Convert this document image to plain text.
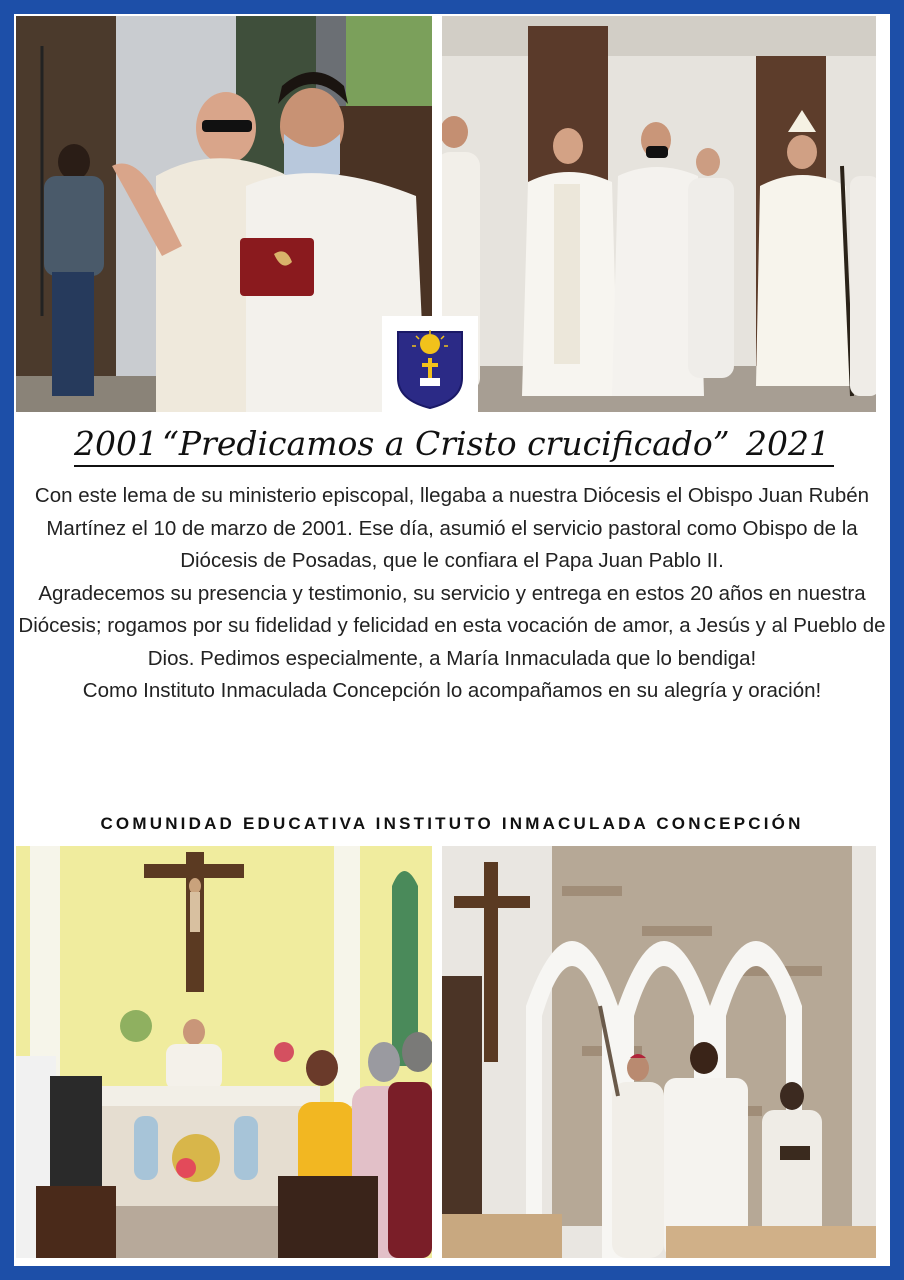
2001 “Predicamos a Cristo crucificado” 2021

Con este lema de su ministerio episcopal, llegaba a nuestra Diócesis el Obispo Juan Rubén Martínez el 10 de marzo de 2001. Ese día, asumió el servicio pastoral como Obispo de la Diócesis de Posadas, que le confiara el Papa Juan Pablo II.

Agradecemos su presencia y testimonio, su servicio y entrega en estos 20 años en nuestra Diócesis; rogamos por su fidelidad y felicidad en esta vocación de amor, a Jesús y al Pueblo de Dios. Pedimos especialmente, a María Inmaculada que lo bendiga!

Como Instituto Inmaculada Concepción lo acompañamos en su alegría y oración!

COMUNIDAD EDUCATIVA INSTITUTO INMACULADA CONCEPCIÓN
